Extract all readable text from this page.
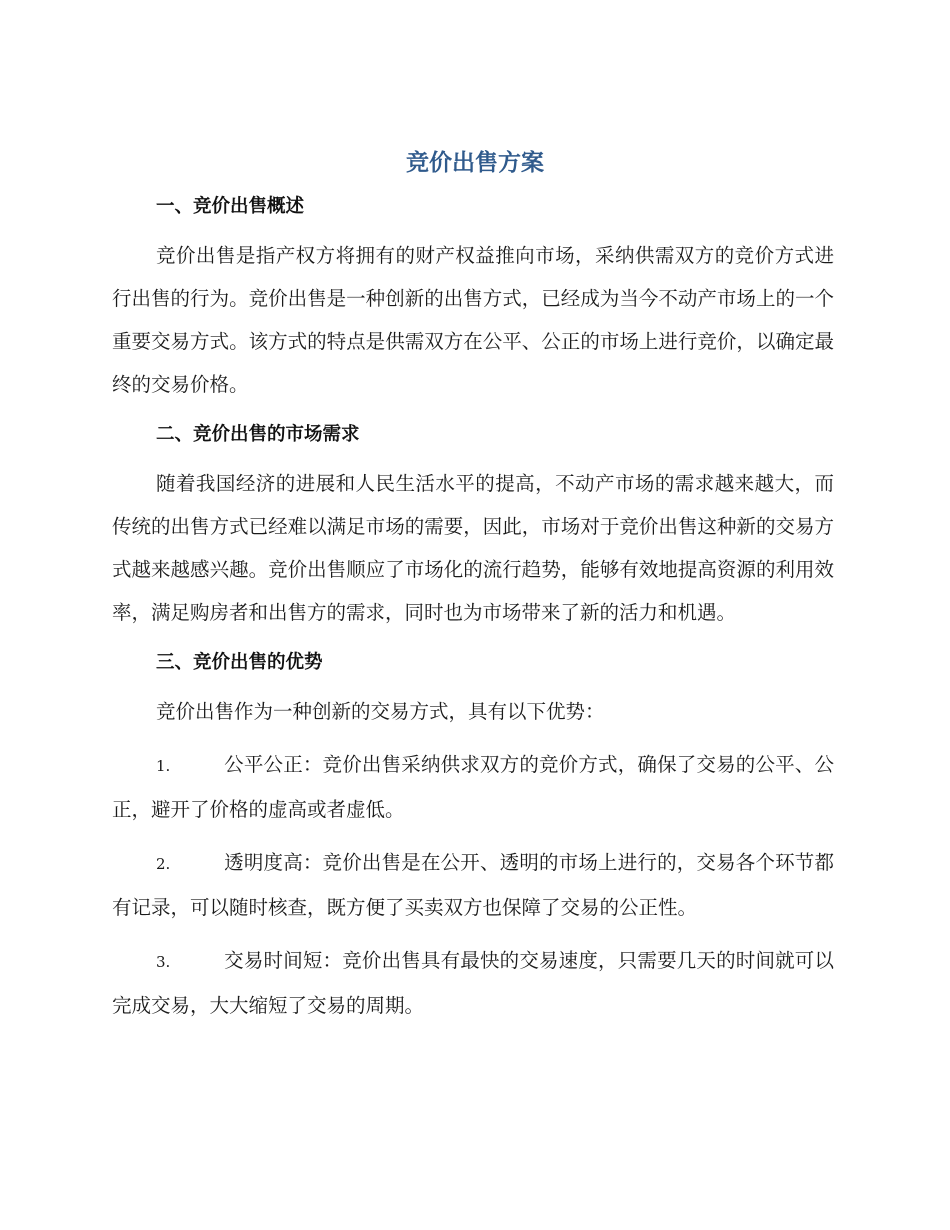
竞价出售方案
一、竞价出售概述

竞价出售是指产权方将拥有的财产权益推向市场，采纳供需双方的竞价方式进行出售的行为。竞价出售是一种创新的出售方式，已经成为当今不动产市场上的一个重要交易方式。该方式的特点是供需双方在公平、公正的市场上进行竞价，以确定最终的交易价格。

二、竞价出售的市场需求

随着我国经济的进展和人民生活水平的提高，不动产市场的需求越来越大，而传统的出售方式已经难以满足市场的需要，因此，市场对于竞价出售这种新的交易方式越来越感兴趣。竞价出售顺应了市场化的流行趋势，能够有效地提高资源的利用效率，满足购房者和出售方的需求，同时也为市场带来了新的活力和机遇。

三、竞价出售的优势

竞价出售作为一种创新的交易方式，具有以下优势：

1.	公平公正：竞价出售采纳供求双方的竞价方式，确保了交易的公平、公正，避开了价格的虚高或者虚低。

2.	透明度高：竞价出售是在公开、透明的市场上进行的，交易各个环节都有记录，可以随时核查，既方便了买卖双方也保障了交易的公正性。

3.	交易时间短：竞价出售具有最快的交易速度，只需要几天的时间就可以完成交易，大大缩短了交易的周期。
